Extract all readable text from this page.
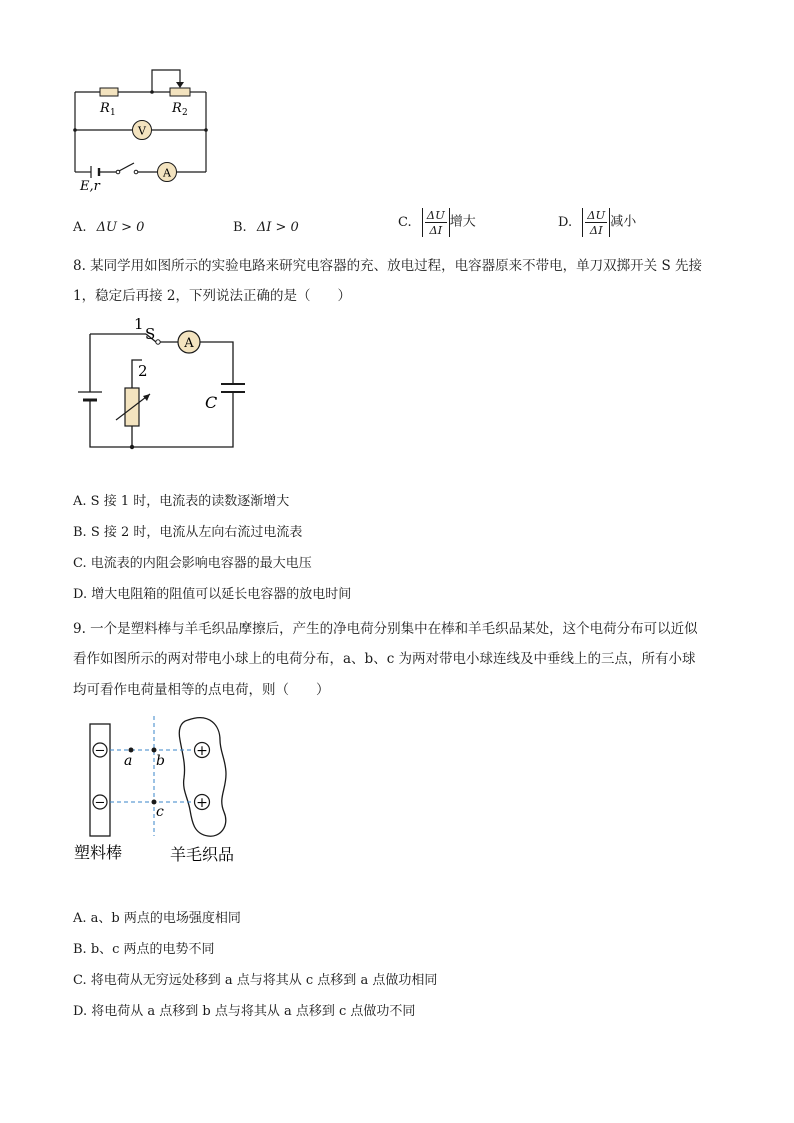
R 1	R 2
V
A
E,r
A. ΔU > 0	B. ΔI > 0	C. $\frac{\Delta U}{\Delta I}$ 增大	D. $\frac{\Delta U}{\Delta I}$ 减小
8. 某同学用如图所示的实验电路来研究电容器的充、放电过程，电容器原来不带电，单刀双掷开关 S 先接
1，稳定后再接 2，下列说法正确的是（　　）
1
S
A
2
C
A. S 接 1 时，电流表的读数逐渐增大
B. S 接 2 时，电流从左向右流过电流表
C. 电流表的内阻会影响电容器的最大电压
D. 增大电阻箱的阻值可以延长电容器的放电时间
9. 一个是塑料棒与羊毛织品摩擦后，产生的净电荷分别集中在棒和羊毛织品某处，这个电荷分布可以近似
看作如图所示的两对带电小球上的电荷分布，a、b、c 为两对带电小球连线及中垂线上的三点，所有小球
均可看作电荷量相等的点电荷，则（　　）
−
−
+
+
a b
c
塑料棒	羊毛织品
A. a、b 两点的电场强度相同
B. b、c 两点的电势不同
C. 将电荷从无穷远处移到 a 点与将其从 c 点移到 a 点做功相同
D. 将电荷从 a 点移到 b 点与将其从 a 点移到 c 点做功不同
